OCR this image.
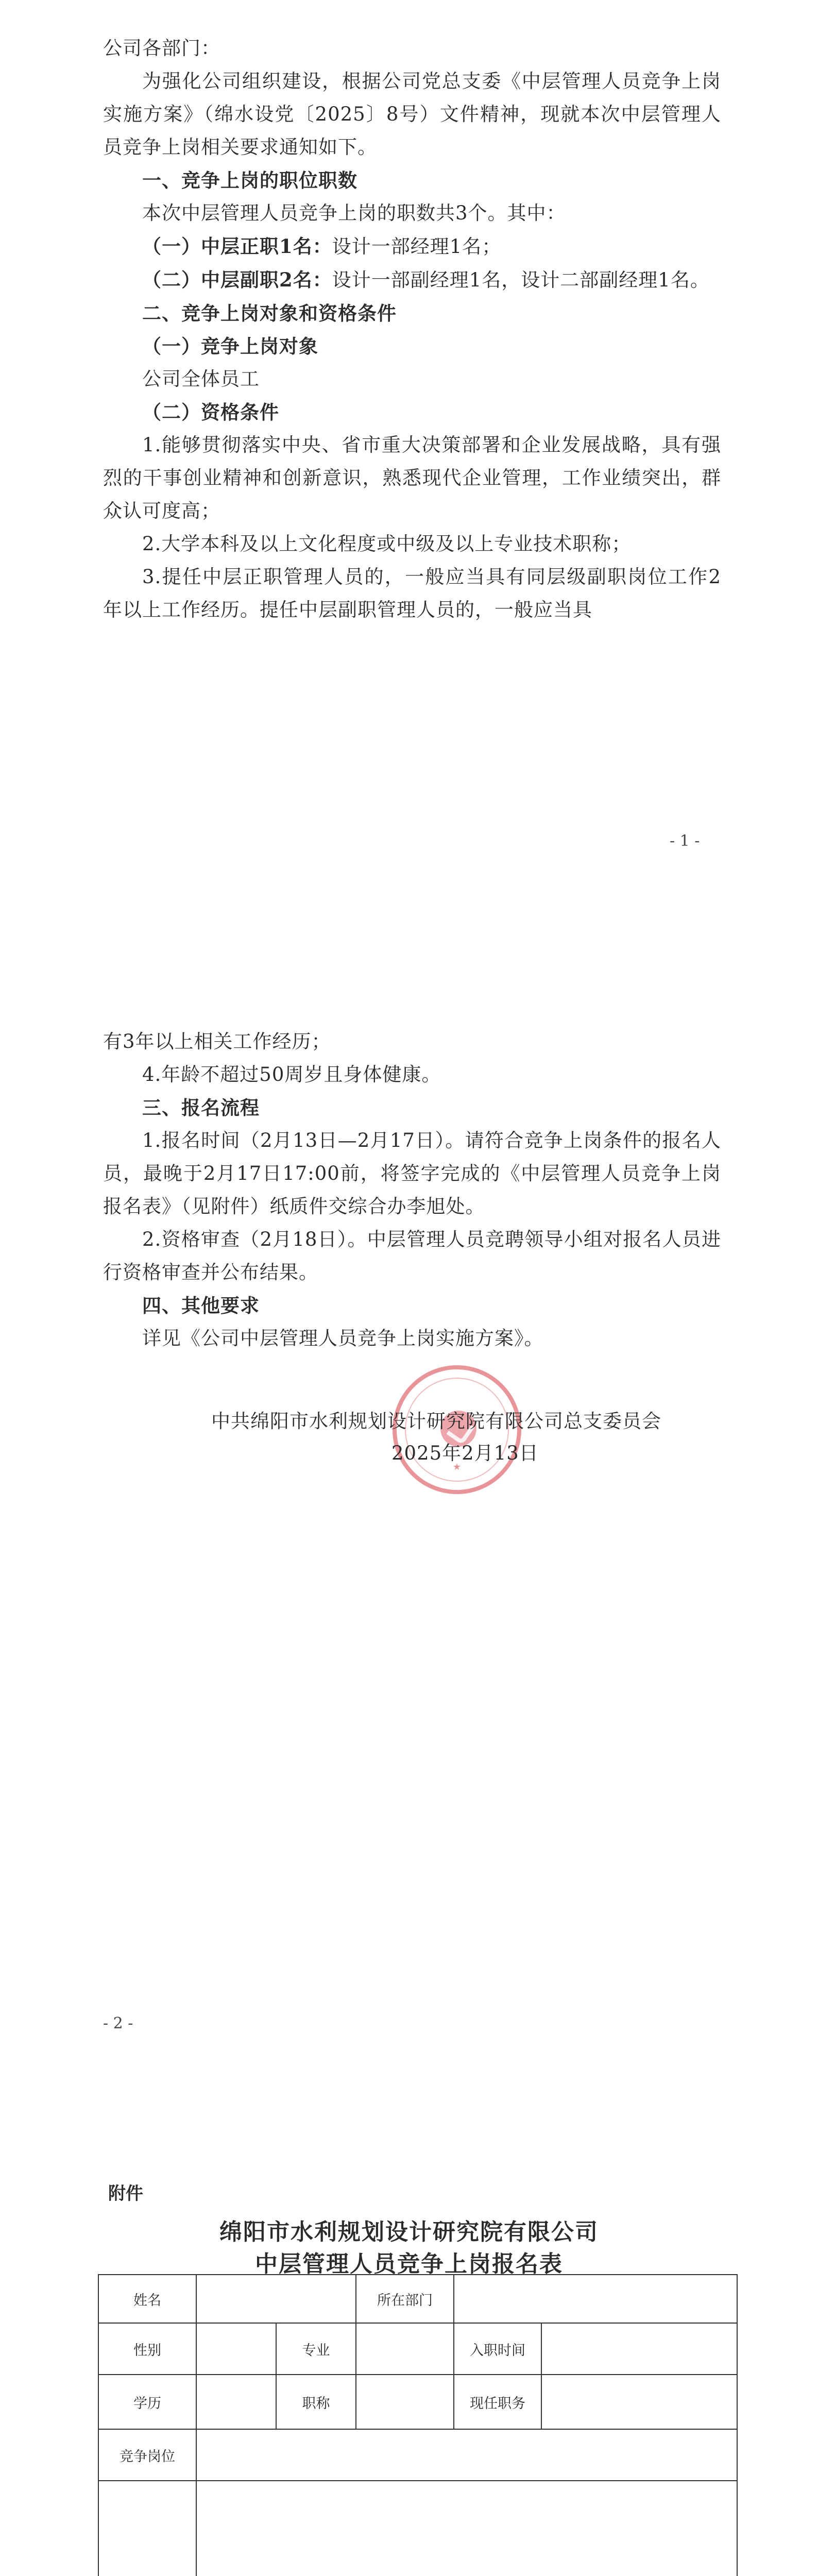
公司各部门：

为强化公司组织建设，根据公司党总支委《中层管理人员竞争上岗实施方案》（绵水设党〔2025〕8号）文件精神，现就本次中层管理人员竞争上岗相关要求通知如下。

一、竞争上岗的职位职数

本次中层管理人员竞争上岗的职数共3个。其中：

（一）中层正职1名：设计一部经理1名；

（二）中层副职2名：设计一部副经理1名，设计二部副经理1名。

二、竞争上岗对象和资格条件

（一）竞争上岗对象

公司全体员工

（二）资格条件

1.能够贯彻落实中央、省市重大决策部署和企业发展战略，具有强烈的干事创业精神和创新意识，熟悉现代企业管理，工作业绩突出，群众认可度高；

2.大学本科及以上文化程度或中级及以上专业技术职称；

3.提任中层正职管理人员的，一般应当具有同层级副职岗位工作2年以上工作经历。提任中层副职管理人员的，一般应当具

- 1 -

有3年以上相关工作经历；

4.年龄不超过50周岁且身体健康。

三、报名流程

1.报名时间（2月13日—2月17日）。请符合竞争上岗条件的报名人员，最晚于2月17日17:00前，将签字完成的《中层管理人员竞争上岗报名表》（见附件）纸质件交综合办李旭处。

2.资格审查（2月18日）。中层管理人员竞聘领导小组对报名人员进行资格审查并公布结果。

四、其他要求

详见《公司中层管理人员竞争上岗实施方案》。

★
中共绵阳市水利规划设计研究院有限公司总支委员会
2025年2月13日
- 2 -
附件
绵阳市水利规划设计研究院有限公司
中层管理人员竞争上岗报名表
姓名			所在部门		
性别		专业		入职时间	
学历		职称		现任职务	
竞争岗位					
